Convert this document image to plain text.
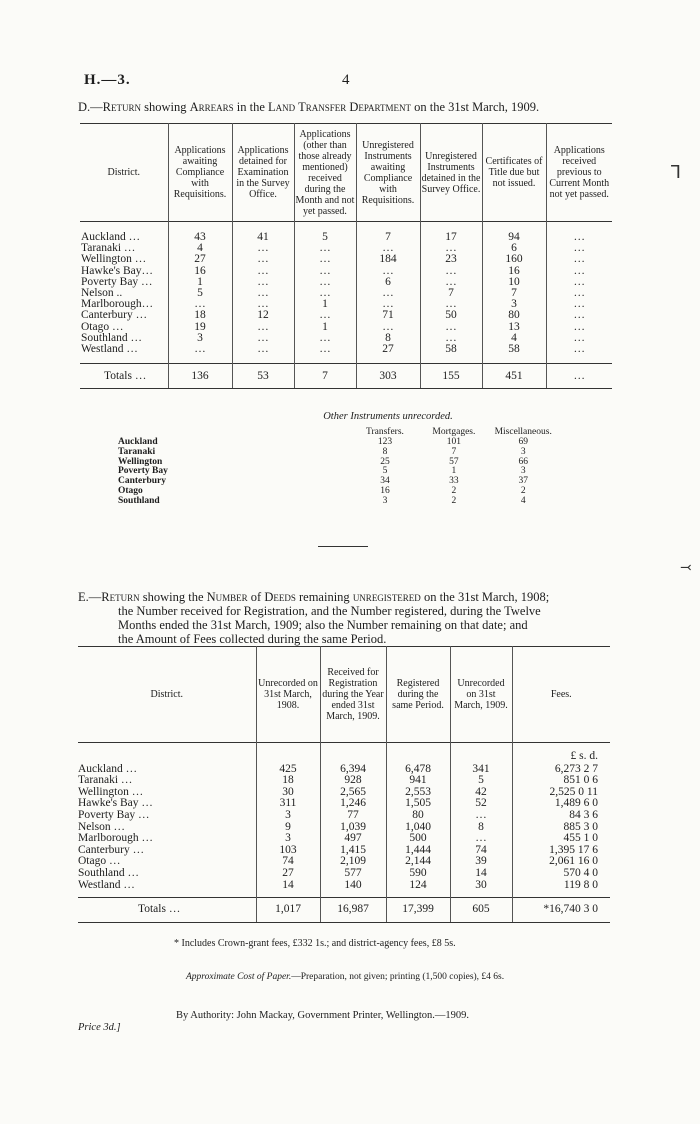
H.—3.	4
D.—Return showing Arrears in the Land Transfer Department on the 31st March, 1909.
District.	Applications awaiting Compliance with Requisitions.	Applications detained for Examination in the Survey Office.	Applications (other than those already mentioned) received during the Month and not yet passed.	Unregistered Instruments awaiting Compliance with Requisitions.	Unregistered Instruments detained in the Survey Office.	Certificates of Title due but not issued.	Applications received previous to Current Month not yet passed.
Auckland …	43	41	5	7	17	94	…
Taranaki …	4	…	…	…	…	6	…
Wellington …	27	…	…	184	23	160	…
Hawke's Bay…	16	…	…	…	…	16	…
Poverty Bay …	1	…	…	6	…	10	…
Nelson ..	5	…	…	…	7	7	…
Marlborough…	…	…	1	…	…	3	…
Canterbury …	18	12	…	71	50	80	…
Otago …	19	…	1	…	…	13	…
Southland …	3	…	…	8	…	4	…
Westland …	…	…	…	27	58	58	…
Totals …	136	53	7	303	155	451	…
Other Instruments unrecorded.
	Transfers.	Mortgages.	Miscellaneous.
Auckland	123	101	69
Taranaki	8	7	3
Wellington	25	57	66
Poverty Bay	5	1	3
Canterbury	34	33	37
Otago	16	2	2
Southland	3	2	4
E.—Return showing the Number of Deeds remaining unregistered on the 31st March, 1908;
the Number received for Registration, and the Number registered, during the Twelve
Months ended the 31st March, 1909; also the Number remaining on that date; and
the Amount of Fees collected during the same Period.
District.	Unrecorded on 31st March, 1908.	Received for Registration during the Year ended 31st March, 1909.	Registered during the same Period.	Unrecorded on 31st March, 1909.	Fees.
					£ s. d.
Auckland …	425	6,394	6,478	341	6,273 2 7
Taranaki …	18	928	941	5	851 0 6
Wellington …	30	2,565	2,553	42	2,525 0 11
Hawke's Bay …	311	1,246	1,505	52	1,489 6 0
Poverty Bay …	3	77	80	…	84 3 6
Nelson …	9	1,039	1,040	8	885 3 0
Marlborough …	3	497	500	…	455 1 0
Canterbury …	103	1,415	1,444	74	1,395 17 6
Otago …	74	2,109	2,144	39	2,061 16 0
Southland …	27	577	590	14	570 4 0
Westland …	14	140	124	30	119 8 0
Totals …	1,017	16,987	17,399	605	*16,740 3 0
* Includes Crown-grant fees, £332 1s.; and district-agency fees, £8 5s.
Approximate Cost of Paper.—Preparation, not given; printing (1,500 copies), £4 6s.
By Authority: John Mackay, Government Printer, Wellington.—1909.
Price 3d.]
ᒣ
⤙
